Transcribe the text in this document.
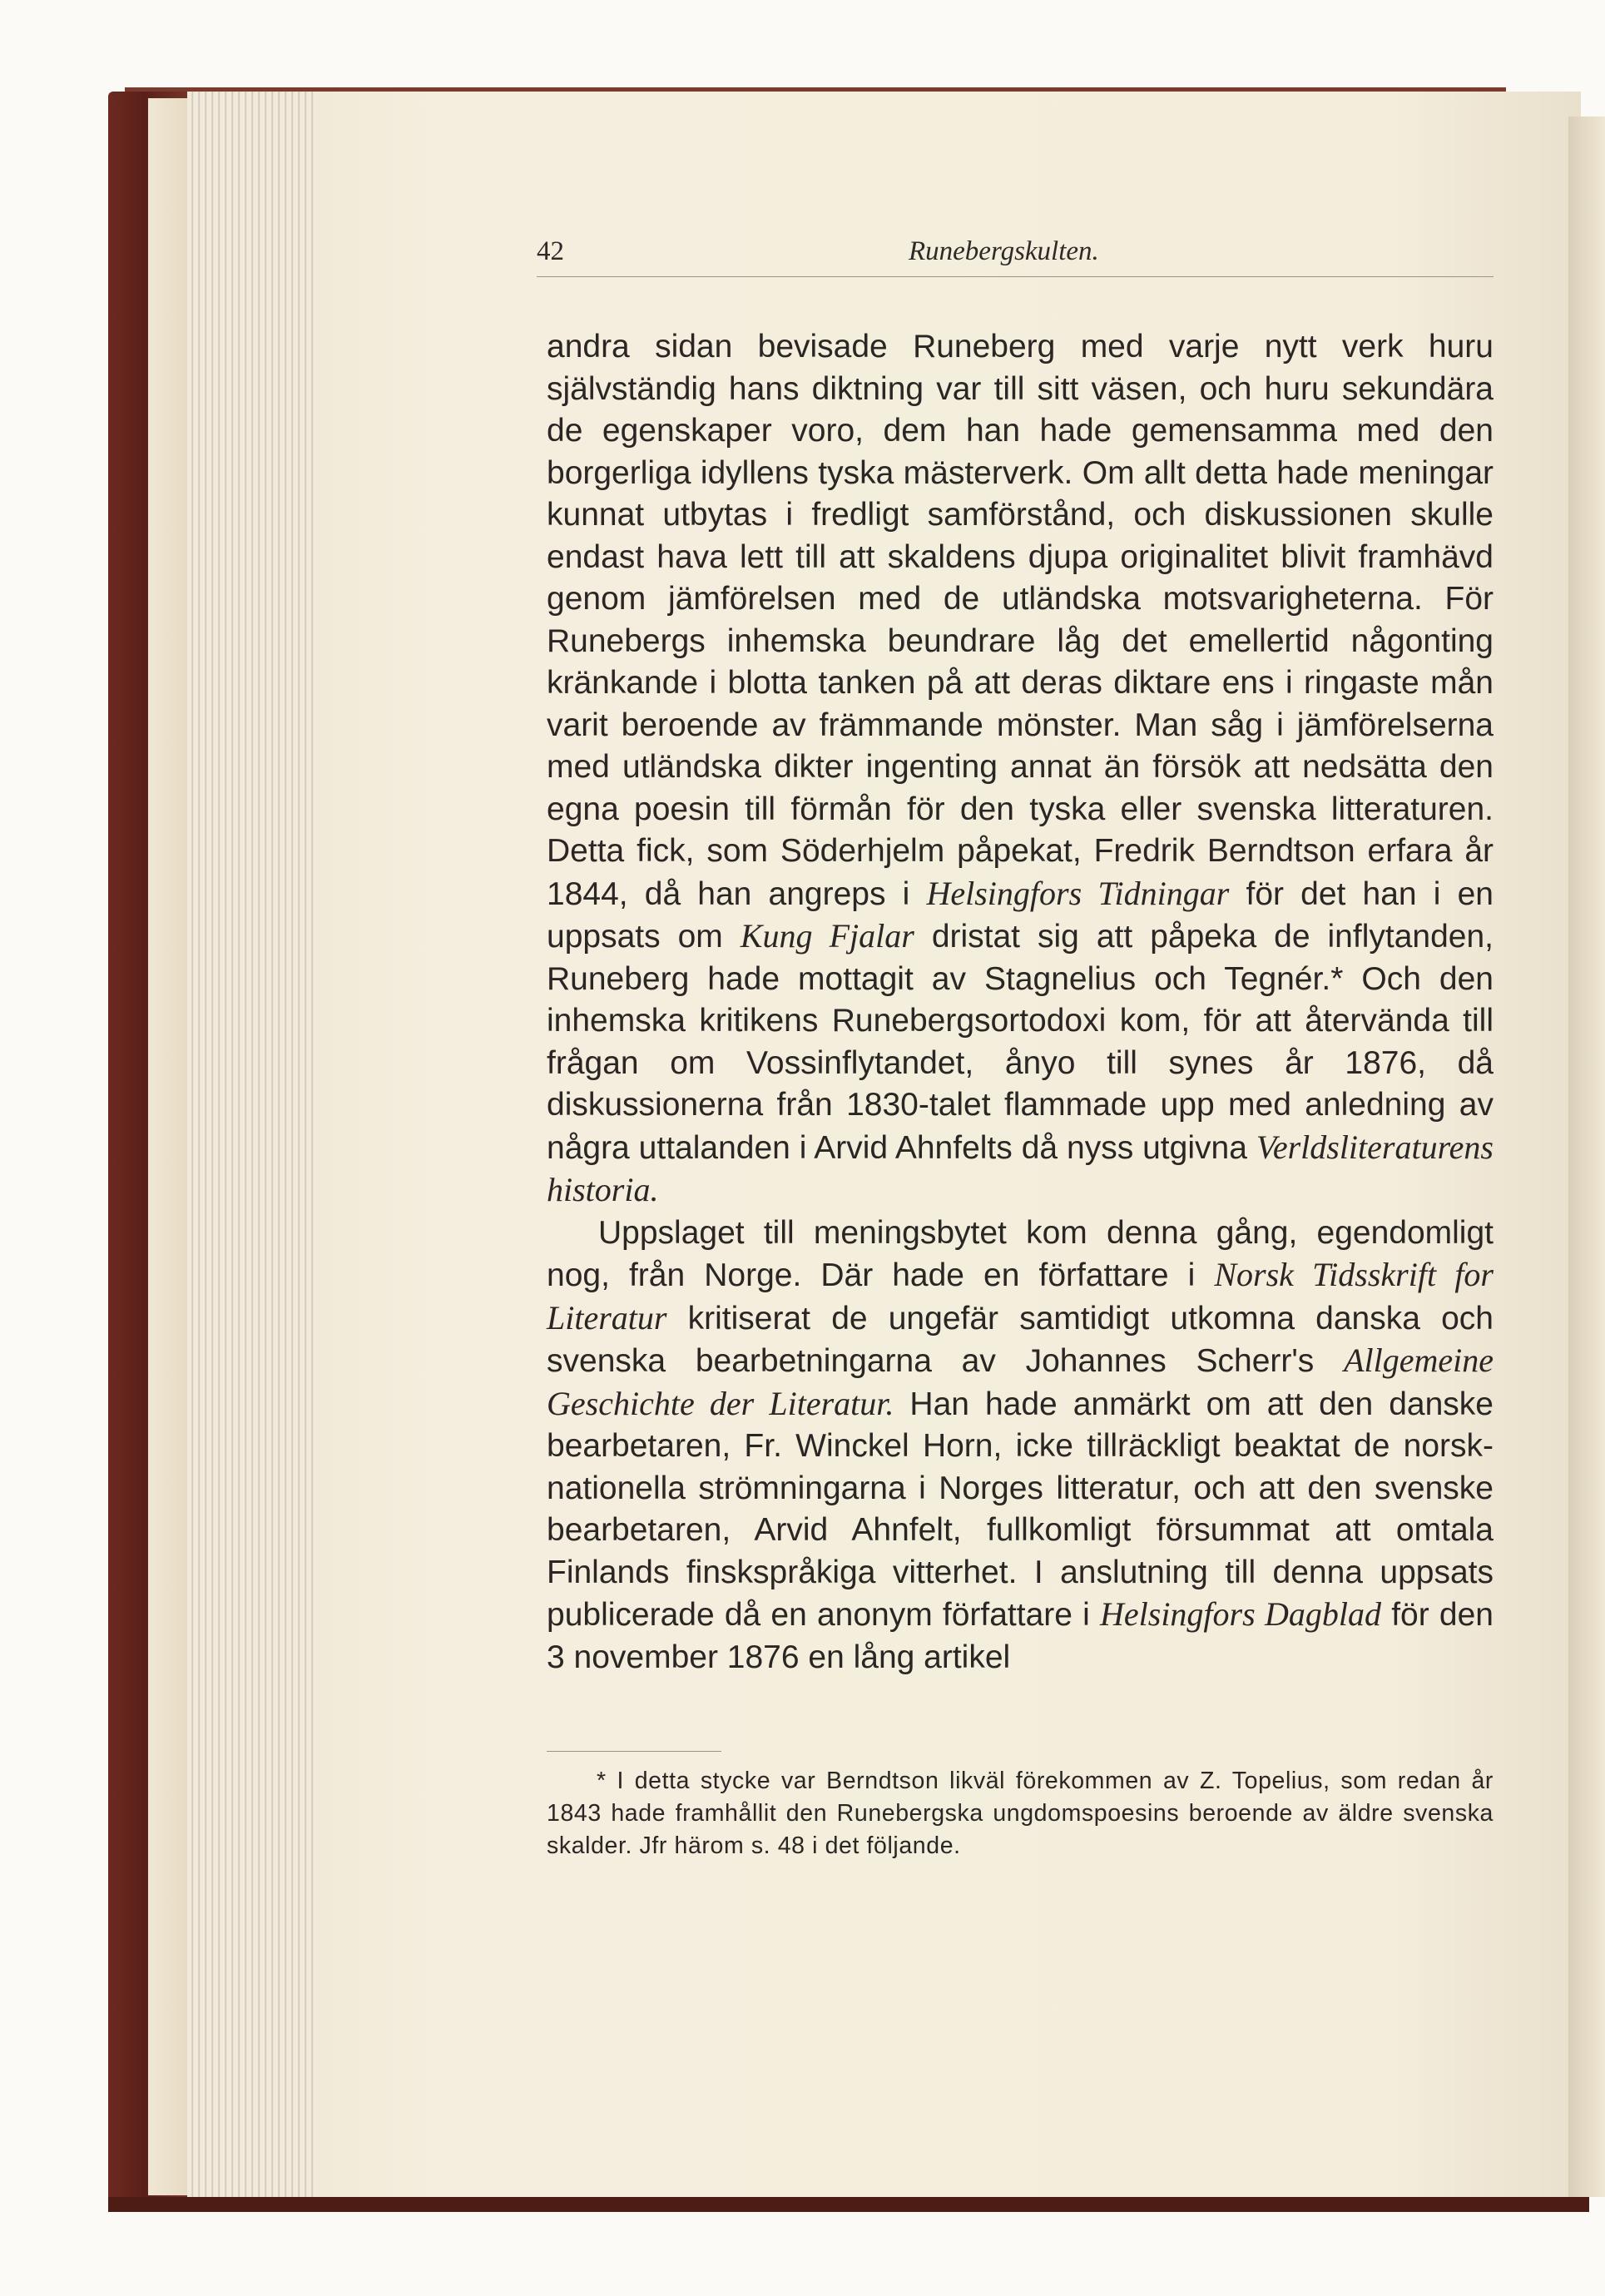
42	Runebergskulten.

andra sidan bevisade Runeberg med varje nytt verk huru självständig hans diktning var till sitt väsen, och huru sekundära de egenskaper voro, dem han hade gemensamma med den borgerliga idyllens tyska mästerverk. Om allt detta hade meningar kunnat utbytas i fredligt samförstånd, och diskussionen skulle endast hava lett till att skaldens djupa originalitet blivit framhävd genom jämförelsen med de utländska motsvarigheterna. För Runebergs inhemska beundrare låg det emellertid någonting kränkande i blotta tanken på att deras diktare ens i ringaste mån varit beroende av främmande mönster. Man såg i jämförelserna med utländska dikter ingenting annat än försök att nedsätta den egna poesin till förmån för den tyska eller svenska litteraturen. Detta fick, som Söderhjelm påpekat, Fredrik Berndtson erfara år 1844, då han angreps i Helsingfors Tidningar för det han i en uppsats om Kung Fjalar dristat sig att påpeka de inflytanden, Runeberg hade mottagit av Stagnelius och Tegnér.* Och den inhemska kritikens Runebergsortodoxi kom, för att återvända till frågan om Vossinflytandet, ånyo till synes år 1876, då diskussionerna från 1830-talet flammade upp med anledning av några uttalanden i Arvid Ahnfelts då nyss utgivna Verldsliteraturens historia.

Uppslaget till meningsbytet kom denna gång, egendomligt nog, från Norge. Där hade en författare i Norsk Tidsskrift for Literatur kritiserat de ungefär samtidigt utkomna danska och svenska bearbetningarna av Johannes Scherr's Allgemeine Geschichte der Literatur. Han hade anmärkt om att den danske bearbetaren, Fr. Winckel Horn, icke tillräckligt beaktat de norsk-nationella strömningarna i Norges litteratur, och att den svenske bearbetaren, Arvid Ahnfelt, fullkomligt försummat att omtala Finlands finskspråkiga vitterhet. I anslutning till denna uppsats publicerade då en anonym författare i Helsingfors Dagblad för den 3 november 1876 en lång artikel

* I detta stycke var Berndtson likväl förekommen av Z. Topelius, som redan år 1843 hade framhållit den Runebergska ungdomspoesins beroende av äldre svenska skalder. Jfr härom s. 48 i det följande.
